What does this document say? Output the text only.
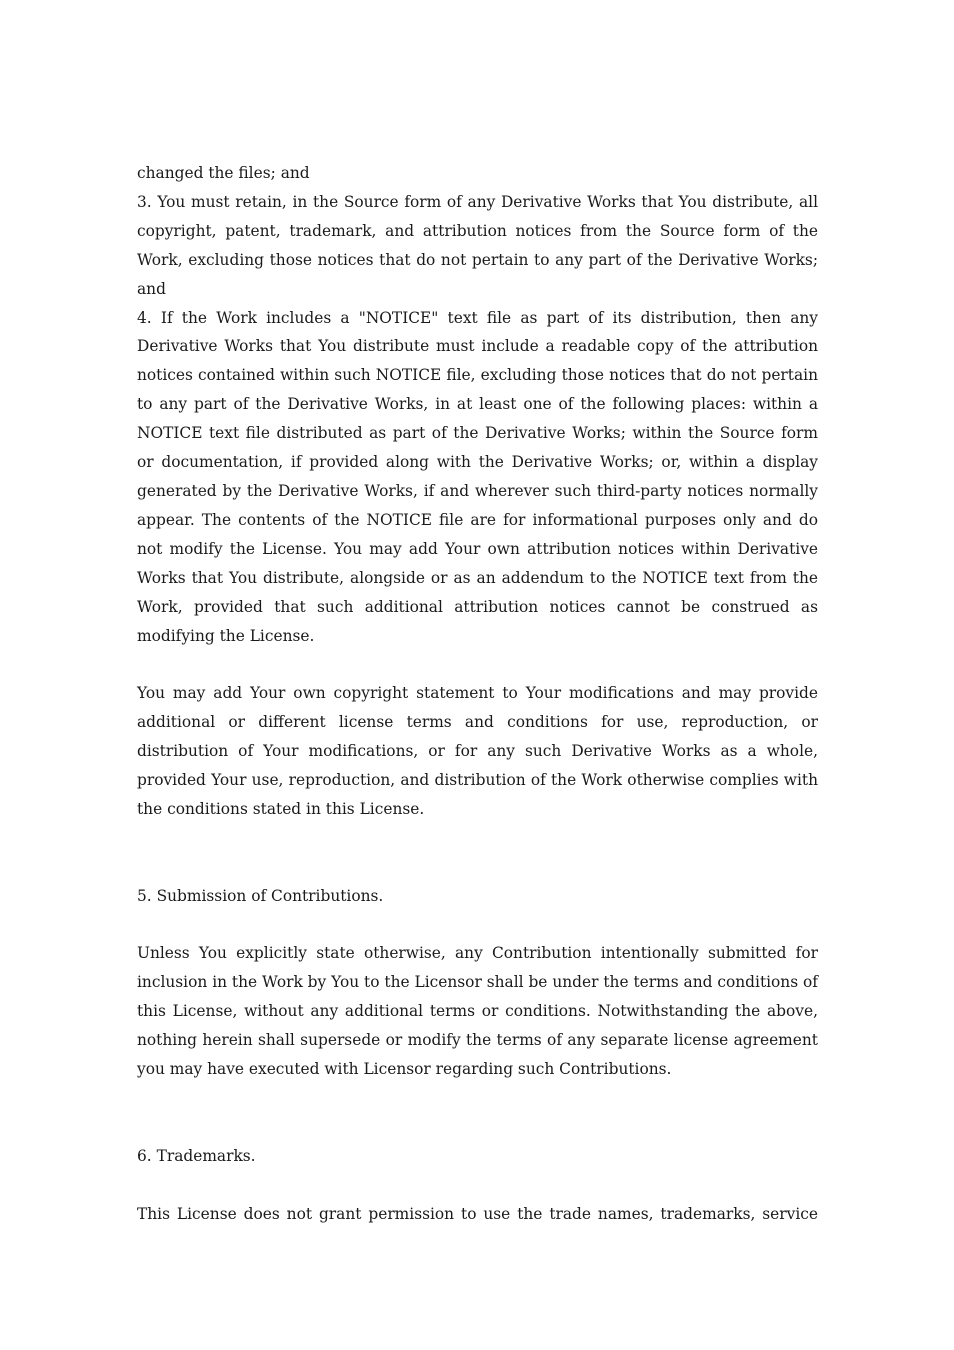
changed the files; and

3. You must retain, in the Source form of any Derivative Works that You distribute, all copyright, patent, trademark, and attribution notices from the Source form of the Work, excluding those notices that do not pertain to any part of the Derivative Works; and

4. If the Work includes a "NOTICE" text file as part of its distribution, then any Derivative Works that You distribute must include a readable copy of the attribution notices contained within such NOTICE file, excluding those notices that do not pertain to any part of the Derivative Works, in at least one of the following places: within a NOTICE text file distributed as part of the Derivative Works; within the Source form or documentation, if provided along with the Derivative Works; or, within a display generated by the Derivative Works, if and wherever such third-party notices normally appear. The contents of the NOTICE file are for informational purposes only and do not modify the License. You may add Your own attribution notices within Derivative Works that You distribute, alongside or as an addendum to the NOTICE text from the Work, provided that such additional attribution notices cannot be construed as modifying the License.

You may add Your own copyright statement to Your modifications and may provide additional or different license terms and conditions for use, reproduction, or distribution of Your modifications, or for any such Derivative Works as a whole, provided Your use, reproduction, and distribution of the Work otherwise complies with the conditions stated in this License.

5. Submission of Contributions.

Unless You explicitly state otherwise, any Contribution intentionally submitted for inclusion in the Work by You to the Licensor shall be under the terms and conditions of this License, without any additional terms or conditions. Notwithstanding the above, nothing herein shall supersede or modify the terms of any separate license agreement you may have executed with Licensor regarding such Contributions.

6. Trademarks.

This License does not grant permission to use the trade names, trademarks, service
